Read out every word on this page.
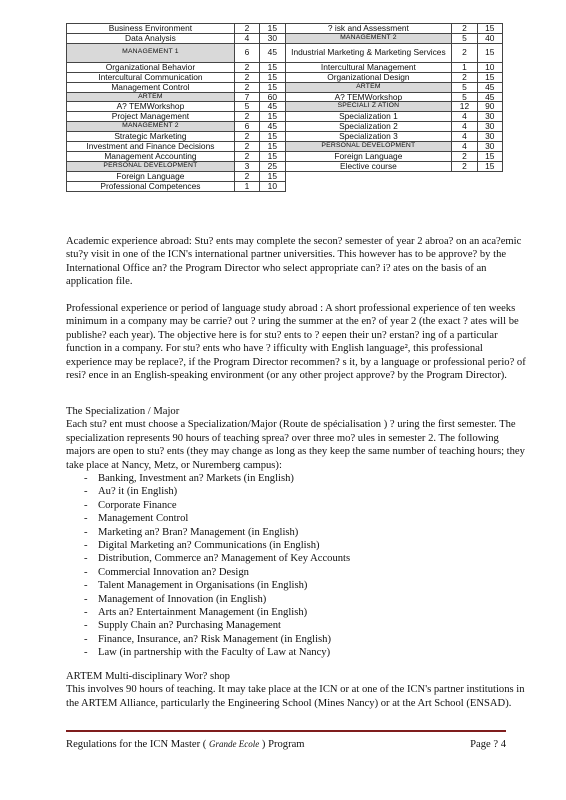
Business Environment	2	15	? isk and Assessment	2	15
Data Analysis	4	30	MANAGEMENT 2	5	40
MANAGEMENT 1	6	45	Industrial Marketing & Marketing Services	2	15
Organizational Behavior	2	15	Intercultural Management	1	10
Intercultural Communication	2	15	Organizational Design	2	15
Management Control	2	15	ARTEM	5	45
ARTEM	7	60	A? TEMWorkshop	5	45
A? TEMWorkshop	5	45	SPECIALI Z ATION	12	90
Project Management	2	15	Specialization 1	4	30
MANAGEMENT 2	6	45	Specialization 2	4	30
Strategic Marketing	2	15	Specialization 3	4	30
Investment and Finance Decisions	2	15	PERSONAL DEVELOPMENT	4	30
Management Accounting	2	15	Foreign Language	2	15
PERSONAL DEVELOPMENT	3	25	Elective course	2	15
Foreign Language	2	15			
Professional Competences	1	10			

Academic experience abroad: Stu? ents may complete the secon? semester of year 2 abroa? on an aca?emic stu?y visit in one of the ICN's international partner universities. This however has to be approve? by the International Office an? the Program Director who select appropriate can? i? ates on the basis of an application file.

Professional experience or period of language study abroad : A short professional experience of ten weeks minimum in a company may be carrie? out ? uring the summer at the en? of year 2 (the exact ? ates will be publishe? each year). The objective here is for stu? ents to ? eepen their un? erstan? ing of a particular function in a company. For stu? ents who have ? ifficulty with English language², this professional experience may be replace?, if the Program Director recommen? s it, by a language or professional perio? of resi? ence in an English-speaking environment (or any other project approve? by the Program Director).

The Specialization / Major

Each stu? ent must choose a Specialization/Major (Route de spécialisation ) ? uring the first semester. The specialization represents 90 hours of teaching sprea? over three mo? ules in semester 2. The following majors are open to stu? ents (they may change as long as they keep the same number of teaching hours; they take place at Nancy, Metz, or Nuremberg campus):

- Banking, Investment an? Markets (in English)
- Au? it (in English)
- Corporate Finance
- Management Control
- Marketing an? Bran? Management (in English)
- Digital Marketing an? Communications (in English)
- Distribution, Commerce an? Management of Key Accounts
- Commercial Innovation an? Design
- Talent Management in Organisations (in English)
- Management of Innovation (in English)
- Arts an? Entertainment Management (in English)
- Supply Chain an? Purchasing Management
- Finance, Insurance, an? Risk Management (in English)
- Law (in partnership with the Faculty of Law at Nancy)

ARTEM Multi-disciplinary Wor? shop

This involves 90 hours of teaching. It may take place at the ICN or at one of the ICN's partner institutions in the ARTEM Alliance, particularly the Engineering School (Mines Nancy) or at the Art School (ENSAD).

Regulations for the ICN Master ( Grande Ecole ) Program	Page ? 4
